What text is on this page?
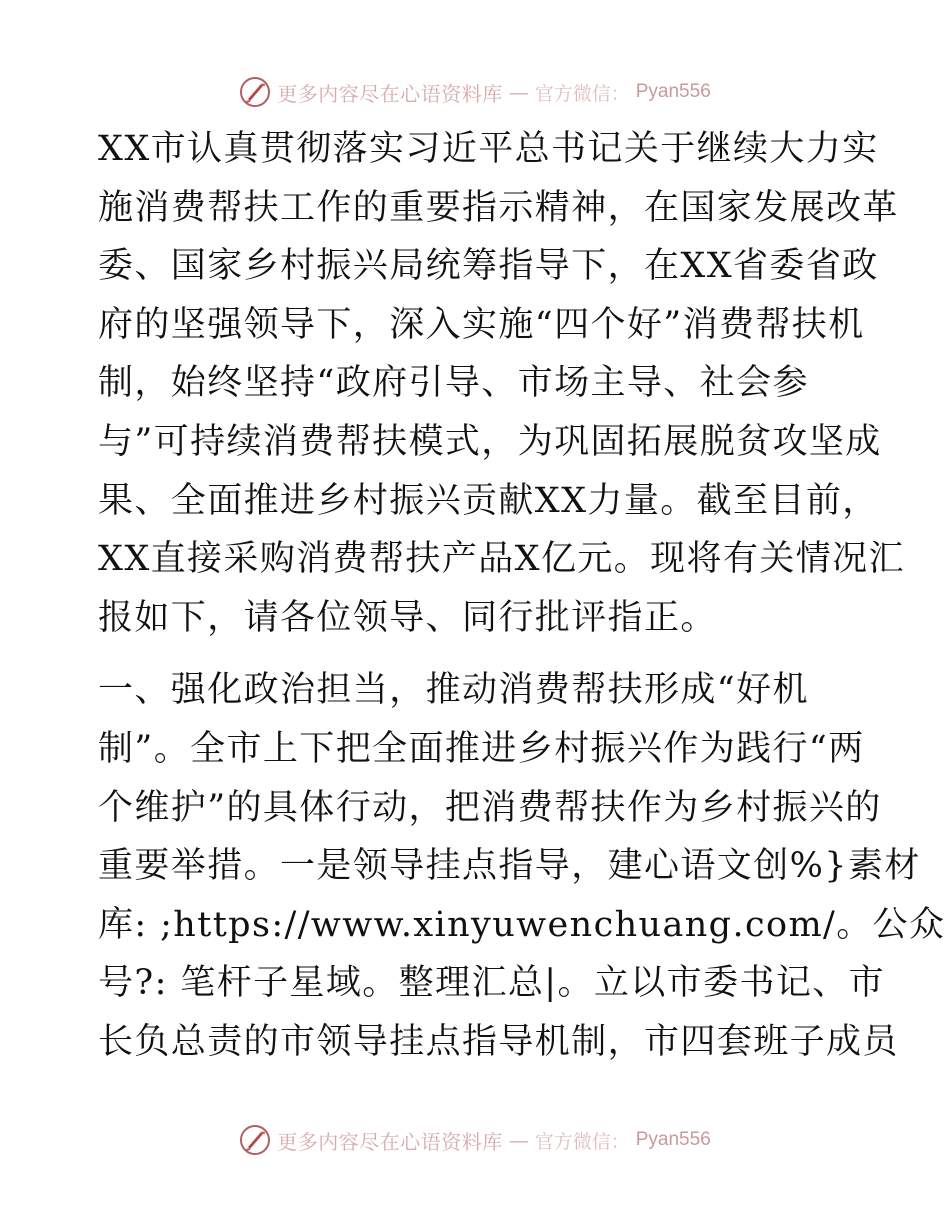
更多内容尽在心语资料库 — 官方微信： Pyan556
XX市认真贯彻落实习近平总书记关于继续大力实
施消费帮扶工作的重要指示精神，在国家发展改革
委、国家乡村振兴局统筹指导下，在XX省委省政
府的坚强领导下，深入实施“四个好”消费帮扶机
制，始终坚持“政府引导、市场主导、社会参
与”可持续消费帮扶模式，为巩固拓展脱贫攻坚成
果、全面推进乡村振兴贡献XX力量。截至目前，
XX直接采购消费帮扶产品X亿元。现将有关情况汇
报如下，请各位领导、同行批评指正。
一、强化政治担当，推动消费帮扶形成“好机
制”。全市上下把全面推进乡村振兴作为践行“两
个维护”的具体行动，把消费帮扶作为乡村振兴的
重要举措。一是领导挂点指导，建心语文创%}素材
库: ;https://www.xinyuwenchuang.com/。公众
号?: 笔杆子星域。整理汇总|。立以市委书记、市
长负总责的市领导挂点指导机制，市四套班子成员
更多内容尽在心语资料库 — 官方微信： Pyan556
